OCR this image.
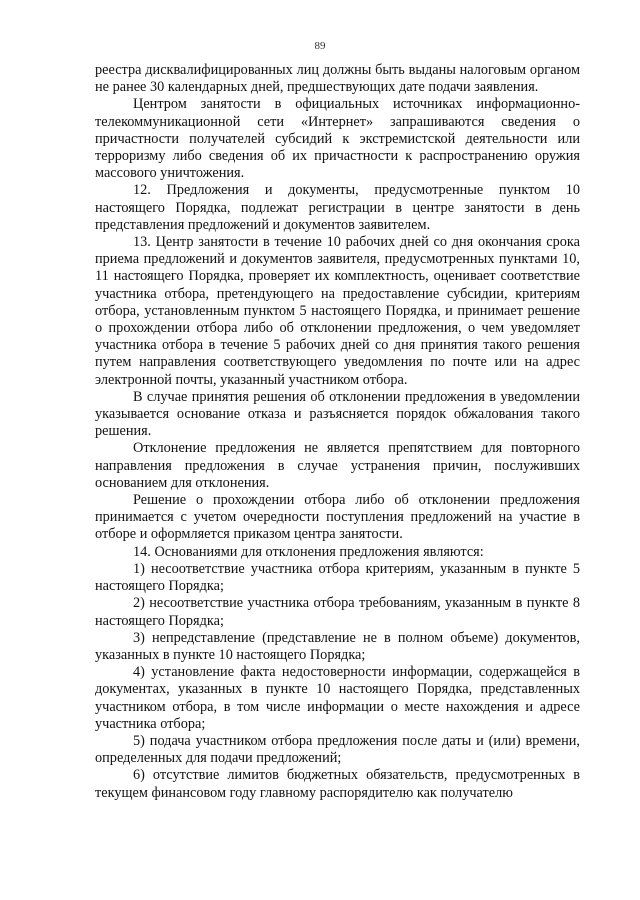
89

реестра дисквалифицированных лиц должны быть выданы налоговым органом не ранее 30 календарных дней, предшествующих дате подачи заявления.

Центром занятости в официальных источниках информационно-телекоммуникационной сети «Интернет» запрашиваются сведения о причастности получателей субсидий к экстремистской деятельности или терроризму либо сведения об их причастности к распространению оружия массового уничтожения.

12. Предложения и документы, предусмотренные пунктом 10 настоящего Порядка, подлежат регистрации в центре занятости в день представления предложений и документов заявителем.

13. Центр занятости в течение 10 рабочих дней со дня окончания срока приема предложений и документов заявителя, предусмотренных пунктами 10, 11 настоящего Порядка, проверяет их комплектность, оценивает соответствие участника отбора, претендующего на предоставление субсидии, критериям отбора, установленным пунктом 5 настоящего Порядка, и принимает решение о прохождении отбора либо об отклонении предложения, о чем уведомляет участника отбора в течение 5 рабочих дней со дня принятия такого решения путем направления соответствующего уведомления по почте или на адрес электронной почты, указанный участником отбора.

В случае принятия решения об отклонении предложения в уведомлении указывается основание отказа и разъясняется порядок обжалования такого решения.

Отклонение предложения не является препятствием для повторного направления предложения в случае устранения причин, послуживших основанием для отклонения.

Решение о прохождении отбора либо об отклонении предложения принимается с учетом очередности поступления предложений на участие в отборе и оформляется приказом центра занятости.

14. Основаниями для отклонения предложения являются:

1) несоответствие участника отбора критериям, указанным в пункте 5 настоящего Порядка;

2) несоответствие участника отбора требованиям, указанным в пункте 8 настоящего Порядка;

3) непредставление (представление не в полном объеме) документов, указанных в пункте 10 настоящего Порядка;

4) установление факта недостоверности информации, содержащейся в документах, указанных в пункте 10 настоящего Порядка, представленных участником отбора, в том числе информации о месте нахождения и адресе участника отбора;

5) подача участником отбора предложения после даты и (или) времени, определенных для подачи предложений;

6) отсутствие лимитов бюджетных обязательств, предусмотренных в текущем финансовом году главному распорядителю как получателю
